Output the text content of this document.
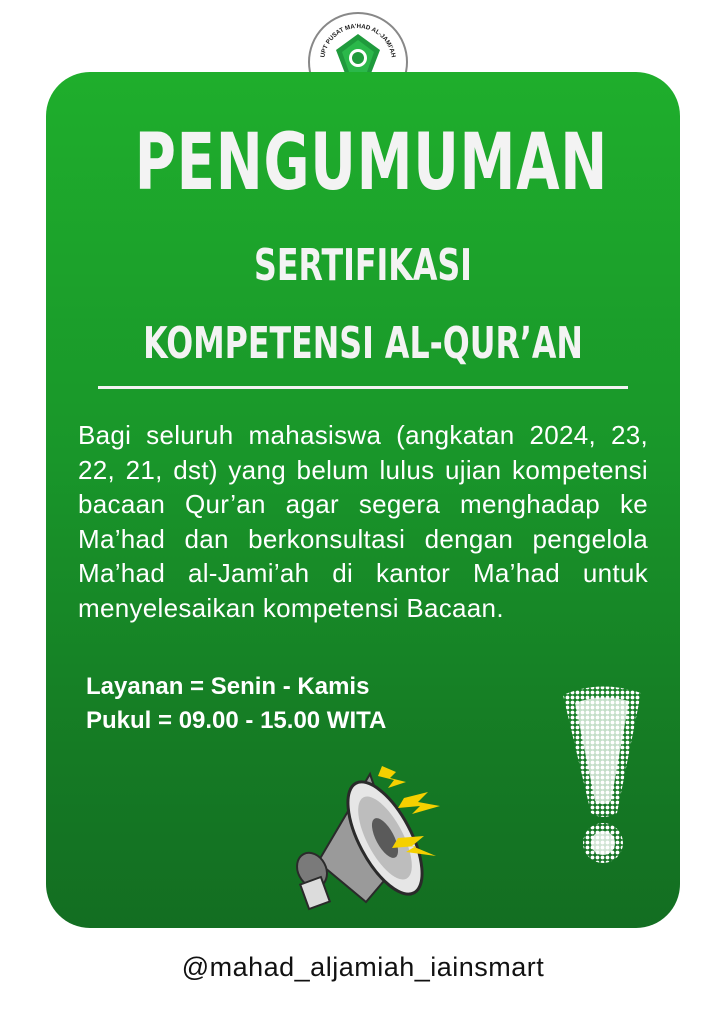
UPT PUSAT MA'HAD AL-JAMI'AH
PENGUMUMAN
SERTIFIKASI
KOMPETENSI AL-QUR’AN
Bagi seluruh mahasiswa (angkatan 2024, 23, 22, 21, dst) yang belum lulus ujian kompetensi bacaan Qur’an agar segera menghadap ke Ma’had dan berkonsultasi dengan pengelola Ma’had al-Jami’ah di kantor Ma’had untuk menyelesaikan kompetensi Bacaan.
Layanan = Senin - Kamis
Pukul = 09.00 - 15.00 WITA
@mahad_aljamiah_iainsmart
